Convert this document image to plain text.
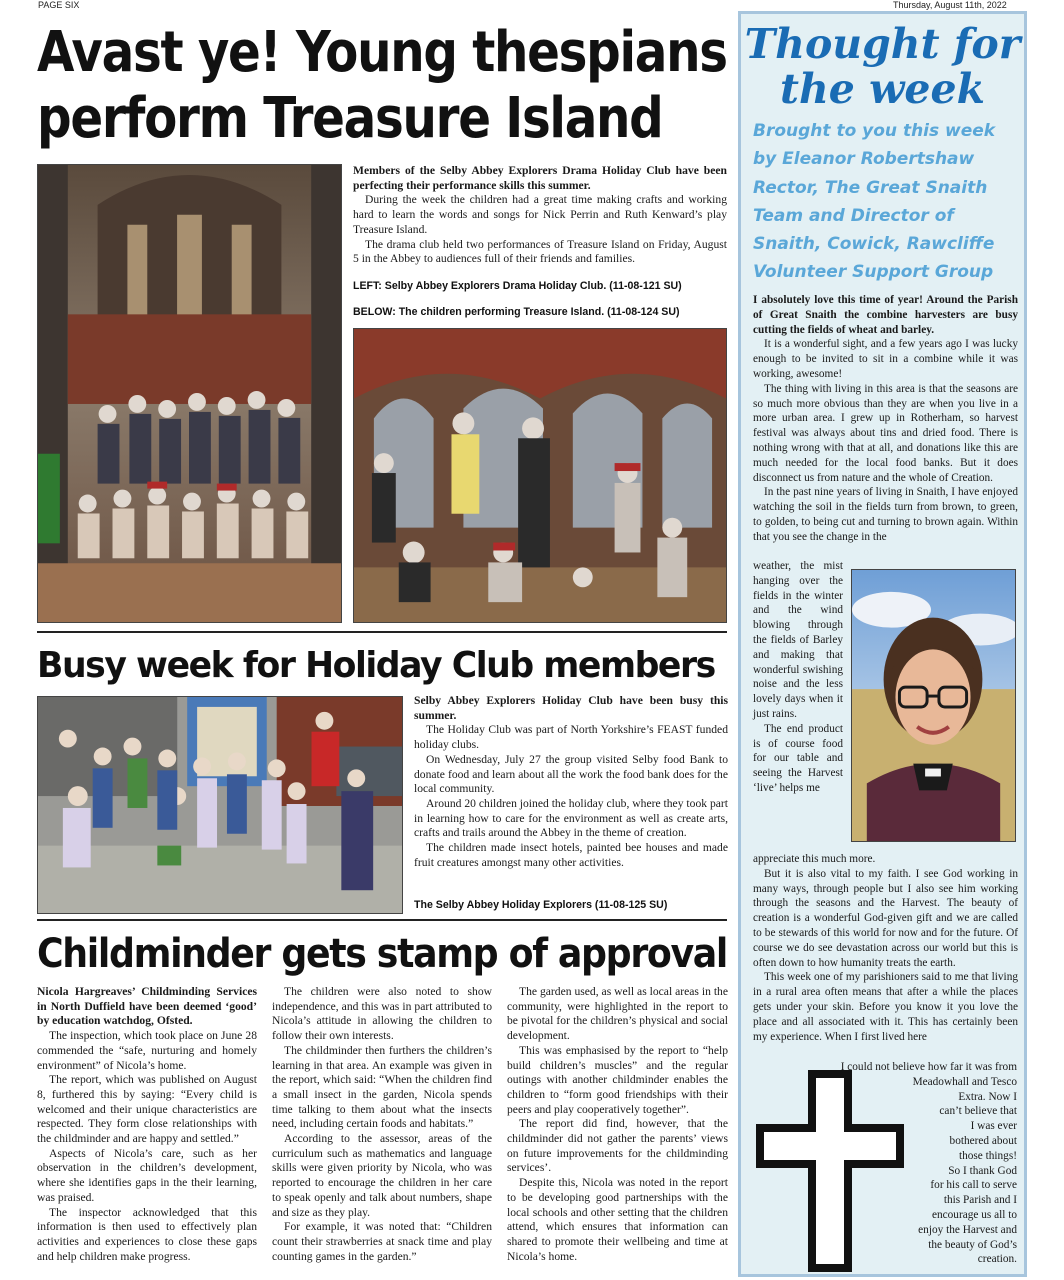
PAGE SIX	Thursday, August 11th, 2022
Avast ye! Young thespians
perform Treasure Island

Members of the Selby Abbey Explorers Drama Holiday Club have been perfecting their performance skills this summer.

During the week the children had a great time making crafts and working hard to learn the words and songs for Nick Perrin and Ruth Kenward’s play Treasure Island.

The drama club held two performances of Treasure Island on Friday, August 5 in the Abbey to audiences full of their friends and families.

LEFT: Selby Abbey Explorers Drama Holiday Club. (11-08-121 SU)
BELOW: The children performing Treasure Island. (11-08-124 SU)
Busy week for Holiday Club members

Selby Abbey Explorers Holiday Club have been busy this summer.

The Holiday Club was part of North Yorkshire’s FEAST funded holiday clubs.

On Wednesday, July 27 the group visited Selby food Bank to donate food and learn about all the work the food bank does for the local community.

Around 20 children joined the holiday club, where they took part in learning how to care for the environment as well as create arts, crafts and trails around the Abbey in the theme of creation.

The children made insect hotels, painted bee houses and made fruit creatures amongst many other activities.

The Selby Abbey Holiday Explorers (11-08-125 SU)
Childminder gets stamp of approval

Nicola Hargreaves’ Childminding Services in North Duffield have been deemed ‘good’ by education watchdog, Ofsted.

The inspection, which took place on June 28 commended the “safe, nurturing and homely environment” of Nicola’s home.

The report, which was published on August 8, furthered this by saying: “Every child is welcomed and their unique characteristics are respected. They form close relationships with the childminder and are happy and settled.”

Aspects of Nicola’s care, such as her observation in the children’s development, where she identifies gaps in the their learning, was praised.

The inspector acknowledged that this information is then used to effectively plan activities and experiences to close these gaps and help children make progress.

The children were also noted to show independence, and this was in part attributed to Nicola’s attitude in allowing the children to follow their own interests.

The childminder then furthers the children’s learning in that area. An example was given in the report, which said: “When the children find a small insect in the garden, Nicola spends time talking to them about what the insects need, including certain foods and habitats.”

According to the assessor, areas of the curriculum such as mathematics and language skills were given priority by Nicola, who was reported to encourage the children in her care to speak openly and talk about numbers, shape and size as they play.

For example, it was noted that: “Children count their strawberries at snack time and play counting games in the garden.”

The garden used, as well as local areas in the community, were highlighted in the report to be pivotal for the children’s physical and social development.

This was emphasised by the report to “help build children’s muscles” and the regular outings with another childminder enables the children to “form good friendships with their peers and play cooperatively together”.

The report did find, however, that the childminder did not gather the parents’ views on future improvements for the childminding services’.

Despite this, Nicola was noted in the report to be developing good partnerships with the local schools and other setting that the children attend, which ensures that information can shared to promote their wellbeing and time at Nicola’s home.

Thought for
the week
Brought to you this week by Eleanor Robertshaw Rector, The Great Snaith Team and Director of Snaith, Cowick, Rawcliffe Volunteer Support Group

I absolutely love this time of year! Around the Parish of Great Snaith the combine harvesters are busy cutting the fields of wheat and barley.

It is a wonderful sight, and a few years ago I was lucky enough to be invited to sit in a combine while it was working, awesome!

The thing with living in this area is that the seasons are so much more obvious than they are when you live in a more urban area. I grew up in Rotherham, so harvest festival was always about tins and dried food. There is nothing wrong with that at all, and donations like this are much needed for the local food banks. But it does disconnect us from nature and the whole of Creation.

In the past nine years of living in Snaith, I have enjoyed watching the soil in the fields turn from brown, to green, to golden, to being cut and turning to brown again. Within that you see the change in the

weather, the mist hanging over the fields in the winter and the wind blowing through the fields of Barley and making that wonderful swishing noise and the less lovely days when it just rains.

The end product is of course food for our table and seeing the Harvest ‘live’ helps me

appreciate this much more.

But it is also vital to my faith. I see God working in many ways, through people but I also see him working through the seasons and the Harvest. The beauty of creation is a wonderful God-given gift and we are called to be stewards of this world for now and for the future. Of course we do see devastation across our world but this is often down to how humanity treats the earth.

This week one of my parishioners said to me that living in a rural area often means that after a while the places gets under your skin. Before you know it you love the place and all associated with it. This has certainly been my experience. When I first lived here

I could not believe how far it was from
Meadowhall and Tesco
Extra. Now I
can’t believe that
I was ever
bothered about
those things!
So I thank God
for his call to serve
this Parish and I
encourage us all to
enjoy the Harvest and
the beauty of God’s
creation.
